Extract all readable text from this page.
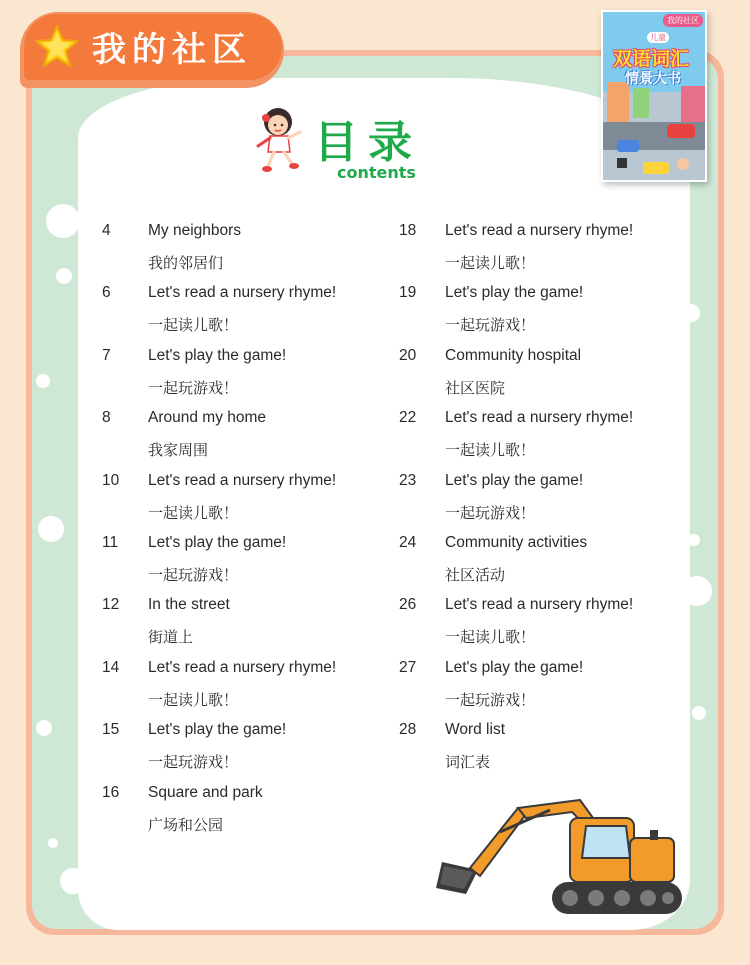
我的社区	儿童
我的社区
双语词汇
情景大书
目录
contents
4 My neighbors
我的邻居们
6 Let's read a nursery rhyme!
一起读儿歌！
7 Let's play the game!
一起玩游戏！
8 Around my home
我家周围
10 Let's read a nursery rhyme!
一起读儿歌！
11 Let's play the game!
一起玩游戏！
12 In the street
街道上
14 Let's read a nursery rhyme!
一起读儿歌！
15 Let's play the game!
一起玩游戏！
16 Square and park
广场和公园
18 Let's read a nursery rhyme!
一起读儿歌！
19 Let's play the game!
一起玩游戏！
20 Community hospital
社区医院
22 Let's read a nursery rhyme!
一起读儿歌！
23 Let's play the game!
一起玩游戏！
24 Community activities
社区活动
26 Let's read a nursery rhyme!
一起读儿歌！
27 Let's play the game!
一起玩游戏！
28 Word list
词汇表
